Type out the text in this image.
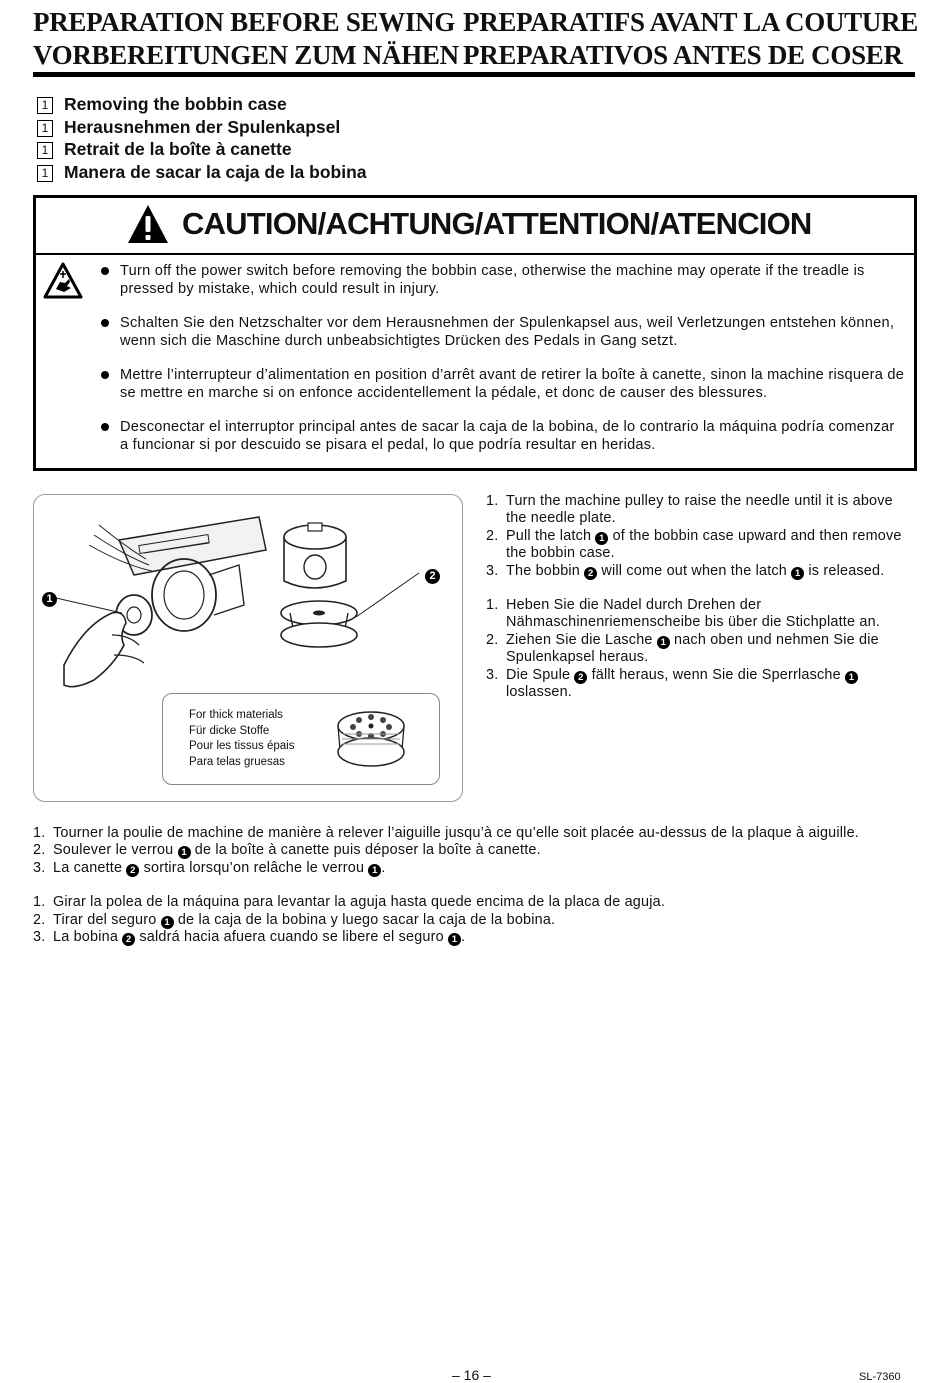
PREPARATION BEFORE SEWING
VORBEREITUNGEN ZUM NÄHEN
PREPARATIFS AVANT LA COUTURE
PREPARATIVOS ANTES DE COSER
1 Removing the bobbin case
1 Herausnehmen der Spulenkapsel
1 Retrait de la boîte à canette
1 Manera de sacar la caja de la bobina
CAUTION/ACHTUNG/ATTENTION/ATENCION
Turn off the power switch before removing the bobbin case, otherwise the machine may operate if the treadle is pressed by mistake, which could result in injury.
Schalten Sie den Netzschalter vor dem Herausnehmen der Spulenkapsel aus, weil Verletzungen entstehen können, wenn sich die Maschine durch unbeabsichtigtes Drücken des Pedals in Gang setzt.
Mettre l’interrupteur d’alimentation en position d’arrêt avant de retirer la boîte à canette, sinon la machine risquera de se mettre en marche si on enfonce accidentellement la pédale, et donc de causer des blessures.
Desconectar el interruptor principal antes de sacar la caja de la bobina, de lo contrario la máquina podría comenzar a funcionar si por descuido se pisara el pedal, lo que podría resultar en heridas.
1
2
For thick materials
Für dicke Stoffe
Pour les tissus épais
Para telas gruesas
1. Turn the machine pulley to raise the needle until it is above the needle plate.
2. Pull the latch 1 of the bobbin case upward and then remove the bobbin case.
3. The bobbin 2 will come out when the latch 1 is released.
1. Heben Sie die Nadel durch Drehen der Nähmaschinenriemenscheibe bis über die Stichplatte an.
2. Ziehen Sie die Lasche 1 nach oben und nehmen Sie die Spulenkapsel heraus.
3. Die Spule 2 fällt heraus, wenn Sie die Sperrlasche 1 loslassen.
1. Tourner la poulie de machine de manière à relever l’aiguille jusqu’à ce qu’elle soit placée au-dessus de la plaque à aiguille.
2. Soulever le verrou 1 de la boîte à canette puis déposer la boîte à canette.
3. La canette 2 sortira lorsqu’on relâche le verrou 1 .
1. Girar la polea de la máquina para levantar la aguja hasta quede encima de la placa de aguja.
2. Tirar del seguro 1 de la caja de la bobina y luego sacar la caja de la bobina.
3. La bobina 2 saldrá hacia afuera cuando se libere el seguro 1 .
– 16 –	SL-7360
